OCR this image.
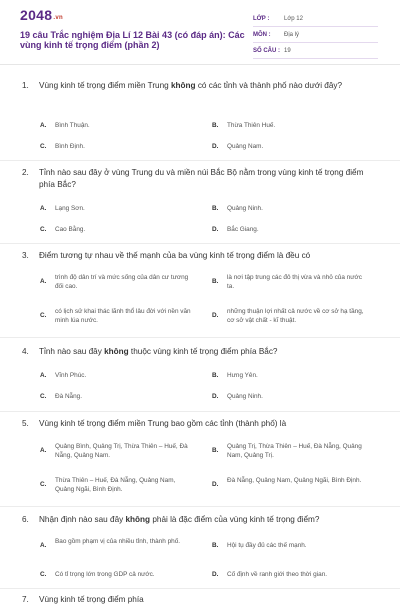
2048.vn
19 câu Trắc nghiệm Địa Lí 12 Bài 43 (có đáp án): Các vùng kinh tế trọng điểm (phần 2)
LỚP : Lớp 12
MÔN : Địa lý
SỐ CÂU : 19
1. Vùng kinh tế trọng điểm miền Trung không có các tỉnh và thành phố nào dưới đây?
A. Bình Thuận.	B. Thừa Thiên Huế.
C. Bình Định.	D. Quảng Nam.
2. Tỉnh nào sau đây ở vùng Trung du và miền núi Bắc Bộ nằm trong vùng kinh tế trọng điểm phía Bắc?
A. Lạng Sơn.	B. Quảng Ninh.
C. Cao Bằng.	D. Bắc Giang.
3. Điểm tương tự nhau về thế mạnh của ba vùng kinh tế trọng điểm là đều có
A.
trình độ dân trí và mức sống của dân cư tương đối cao.
B.
là nơi tập trung các đô thị vừa và nhỏ của nước ta.
C.
có lịch sử khai thác lãnh thổ lâu đời với nền văn minh lúa nước.
D.
những thuận lợi nhất cả nước về cơ sở hạ tầng, cơ sở vật chất - kĩ thuật.
4. Tỉnh nào sau đây không thuộc vùng kinh tế trọng điểm phía Bắc?
A. Vĩnh Phúc.	B. Hưng Yên.
C. Đà Nẵng.	D. Quảng Ninh.
5. Vùng kinh tế trọng điểm miền Trung bao gồm các tỉnh (thành phố) là
A.
Quảng Bình, Quảng Trị, Thừa Thiên – Huế, Đà Nẵng, Quảng Nam.
B.
Quảng Trị, Thừa Thiên – Huế, Đà Nẵng, Quảng Nam, Quảng Trị.
C.
Thừa Thiên – Huế, Đà Nẵng, Quảng Nam, Quảng Ngãi, Bình Định.
D.
Đà Nẵng, Quảng Nam, Quảng Ngãi, Bình Định.
6. Nhận định nào sau đây không phải là đặc điểm của vùng kinh tế trọng điểm?
A.
Bao gồm phạm vị của nhiều tỉnh, thành phố.
B. Hội tụ đầy đủ các thế mạnh.
C. Có tỉ trọng lớn trong GDP cả nước.	D. Cố định về ranh giới theo thời gian.
7. Vùng kinh tế trọng điểm phía
